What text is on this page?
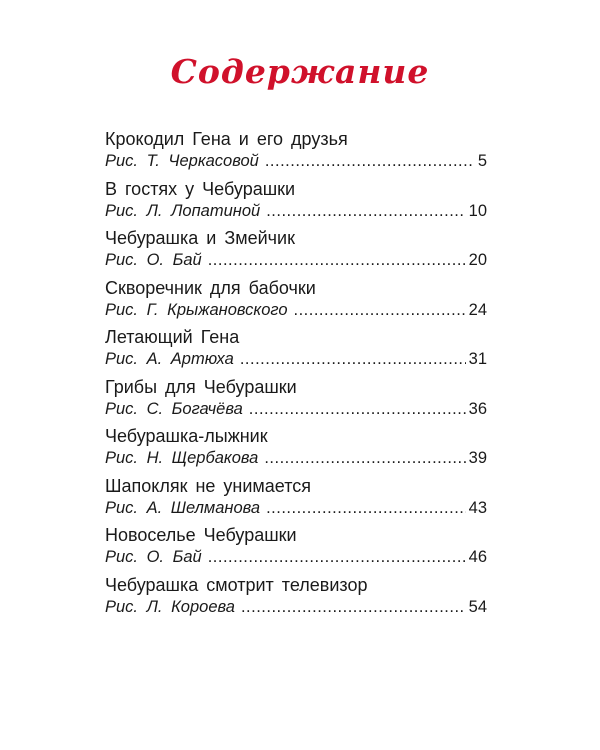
Содержание
Крокодил Гена и его друзья
Рис. Т. Черкасовой .....	5
В гостях у Чебурашки
Рис. Л. Лопатиной .....	10
Чебурашка и Змейчик
Рис. О. Бай .....	20
Скворечник для бабочки
Рис. Г. Крыжановского .....	24
Летающий Гена
Рис. А. Артюха .....	31
Грибы для Чебурашки
Рис. С. Богачёва .....	36
Чебурашка-лыжник
Рис. Н. Щербакова .....	39
Шапокляк не унимается
Рис. А. Шелманова .....	43
Новоселье Чебурашки
Рис. О. Бай .....	46
Чебурашка смотрит телевизор
Рис. Л. Короева .....	54
